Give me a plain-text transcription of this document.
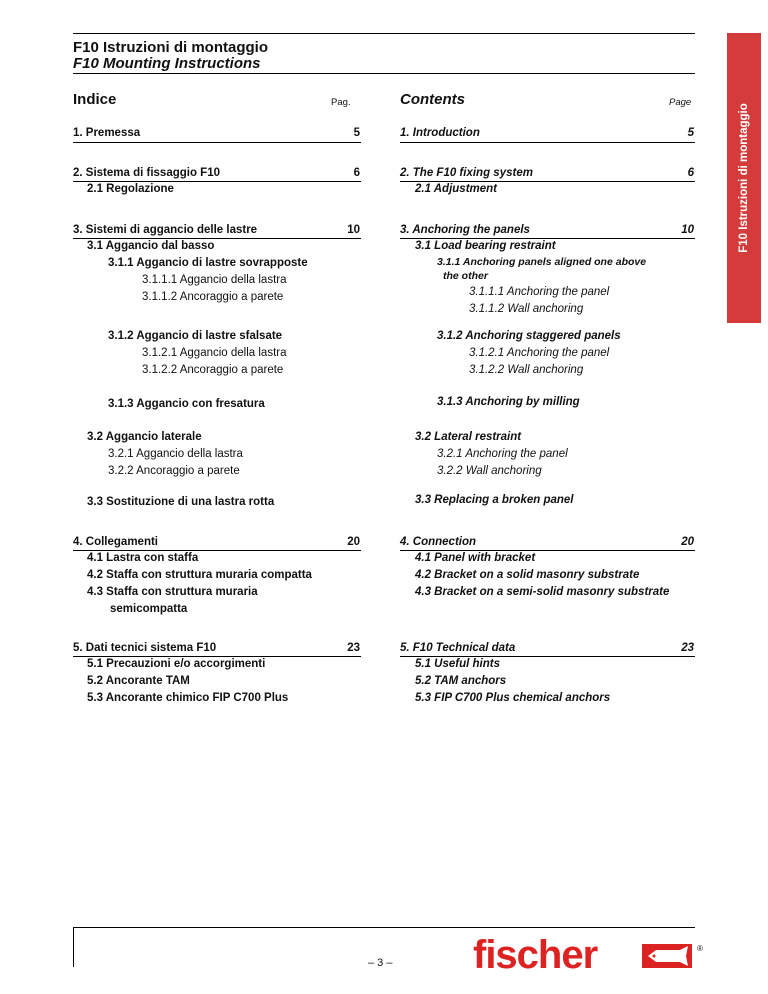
F10 Istruzioni di montaggio
F10 Mounting Instructions
F10 Istruzioni di montaggio
Indice	Pag.
1. Premessa	5
2. Sistema di fissaggio F10	6
2.1 Regolazione
3. Sistemi di aggancio delle lastre	10
3.1 Aggancio dal basso
3.1.1 Aggancio di lastre sovrapposte
3.1.1.1 Aggancio della lastra
3.1.1.2 Ancoraggio a parete
3.1.2 Aggancio di lastre sfalsate
3.1.2.1 Aggancio della lastra
3.1.2.2 Ancoraggio a parete
3.1.3 Aggancio con fresatura
3.2 Aggancio laterale
3.2.1 Aggancio della lastra
3.2.2 Ancoraggio a parete
3.3 Sostituzione di una lastra rotta
4. Collegamenti	20
4.1 Lastra con staffa
4.2 Staffa con struttura muraria compatta
4.3 Staffa con struttura muraria
semicompatta
5. Dati tecnici sistema F10	23
5.1 Precauzioni e/o accorgimenti
5.2 Ancorante TAM
5.3 Ancorante chimico FIP C700 Plus
Contents	Page
1. Introduction	5
2. The F10 fixing system	6
2.1 Adjustment
3. Anchoring the panels	10
3.1 Load bearing restraint
3.1.1 Anchoring panels aligned one above
the other
3.1.1.1 Anchoring the panel
3.1.1.2 Wall anchoring
3.1.2 Anchoring staggered panels
3.1.2.1 Anchoring the panel
3.1.2.2 Wall anchoring
3.1.3 Anchoring by milling
3.2 Lateral restraint
3.2.1 Anchoring the panel
3.2.2 Wall anchoring
3.3 Replacing a broken panel
4. Connection	20
4.1 Panel with bracket
4.2 Bracket on a solid masonry substrate
4.3 Bracket on a semi-solid masonry substrate
5. F10 Technical data	23
5.1 Useful hints
5.2 TAM anchors
5.3 FIP C700 Plus chemical anchors
– 3 – fischer	®
